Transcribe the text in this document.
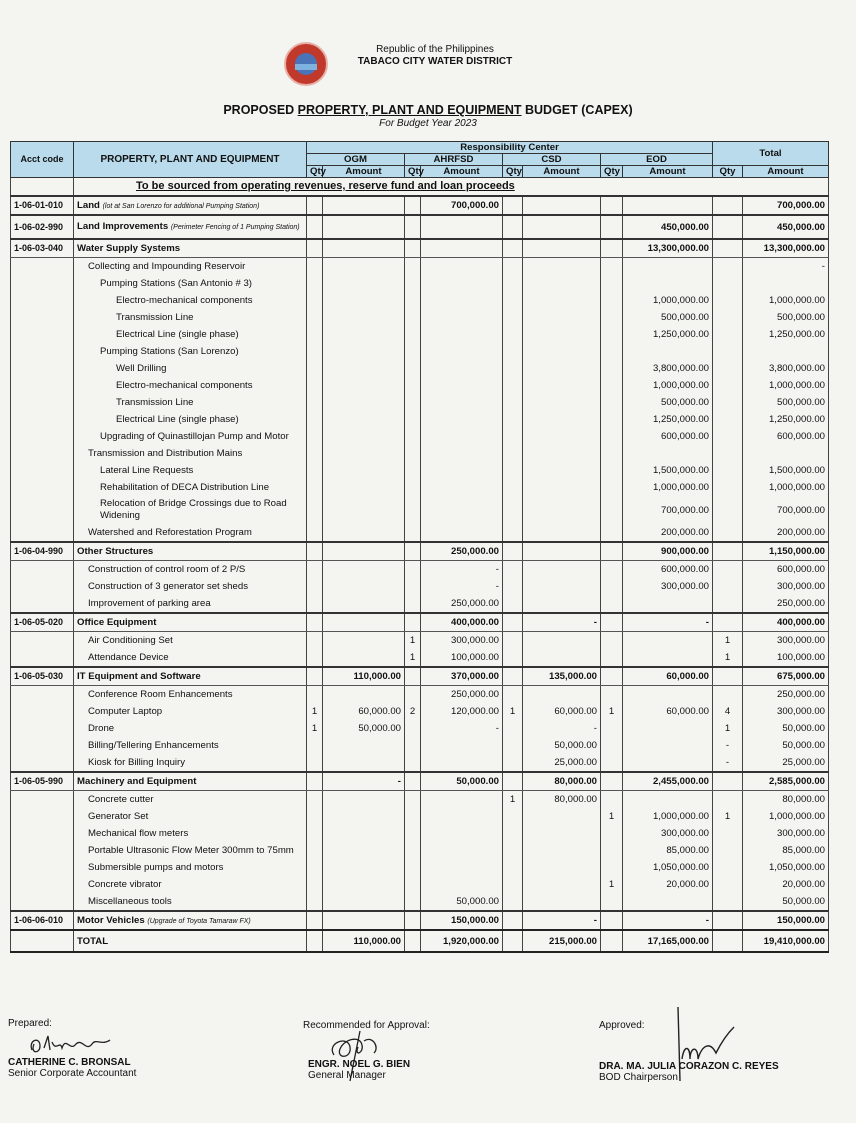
Republic of the Philippines
TABACO CITY WATER DISTRICT
PROPOSED PROPERTY, PLANT AND EQUIPMENT BUDGET (CAPEX)
For Budget Year 2023
Acct code	PROPERTY, PLANT AND EQUIPMENT	Responsibility Center								Total	
		OGM		AHRFSD		CSD		EOD			
		Qty	Amount	Qty	Amount	Qty	Amount	Qty	Amount	Qty	Amount
	To be sourced from operating revenues, reserve fund and loan proceeds										
1-06-01-010	Land (lot at San Lorenzo for additional Pumping Station)				700,000.00						700,000.00
1-06-02-990	Land Improvements (Perimeter Fencing of 1 Pumping Station)								450,000.00		450,000.00
1-06-03-040	Water Supply Systems								13,300,000.00		13,300,000.00
	Collecting and Impounding Reservoir										-
	Pumping Stations (San Antonio # 3)										
	Electro-mechanical components								1,000,000.00		1,000,000.00
	Transmission Line								500,000.00		500,000.00
	Electrical Line (single phase)								1,250,000.00		1,250,000.00
	Pumping Stations (San Lorenzo)										
	Well Drilling								3,800,000.00		3,800,000.00
	Electro-mechanical components								1,000,000.00		1,000,000.00
	Transmission Line								500,000.00		500,000.00
	Electrical Line (single phase)								1,250,000.00		1,250,000.00
	Upgrading of Quinastillojan Pump and Motor								600,000.00		600,000.00
	Transmission and Distribution Mains										
	Lateral Line Requests								1,500,000.00		1,500,000.00
	Rehabilitation of DECA Distribution Line								1,000,000.00		1,000,000.00
	Relocation of Bridge Crossings due to Road Widening								700,000.00		700,000.00
	Watershed and Reforestation Program								200,000.00		200,000.00
1-06-04-990	Other Structures				250,000.00				900,000.00		1,150,000.00
	Construction of control room of 2 P/S				-				600,000.00		600,000.00
	Construction of 3 generator set sheds				-				300,000.00		300,000.00
	Improvement of parking area				250,000.00						250,000.00
1-06-05-020	Office Equipment				400,000.00		-		-		400,000.00
	Air Conditioning Set			1	300,000.00					1	300,000.00
	Attendance Device			1	100,000.00					1	100,000.00
1-06-05-030	IT Equipment and Software		110,000.00		370,000.00		135,000.00		60,000.00		675,000.00
	Conference Room Enhancements				250,000.00						250,000.00
	Computer Laptop	1	60,000.00	2	120,000.00	1	60,000.00	1	60,000.00	4	300,000.00
	Drone	1	50,000.00		-		-			1	50,000.00
	Billing/Tellering Enhancements						50,000.00			-	50,000.00
	Kiosk for Billing Inquiry						25,000.00			-	25,000.00
1-06-05-990	Machinery and Equipment		-		50,000.00		80,000.00		2,455,000.00		2,585,000.00
	Concrete cutter					1	80,000.00				80,000.00
	Generator Set							1	1,000,000.00	1	1,000,000.00
	Mechanical flow meters								300,000.00		300,000.00
	Portable Ultrasonic Flow Meter 300mm to 75mm								85,000.00		85,000.00
	Submersible pumps and motors								1,050,000.00		1,050,000.00
	Concrete vibrator							1	20,000.00		20,000.00
	Miscellaneous tools				50,000.00						50,000.00
1-06-06-010	Motor Vehicles (Upgrade of Toyota Tamaraw FX)				150,000.00		-		-		150,000.00
	TOTAL		110,000.00		1,920,000.00		215,000.00		17,165,000.00		19,410,000.00
Prepared:
CATHERINE C. BRONSAL
Senior Corporate Accountant
Recommended for Approval:
ENGR. NOEL G. BIEN
General Manager
Approved:
DRA. MA. JULIA CORAZON C. REYES
BOD Chairperson
